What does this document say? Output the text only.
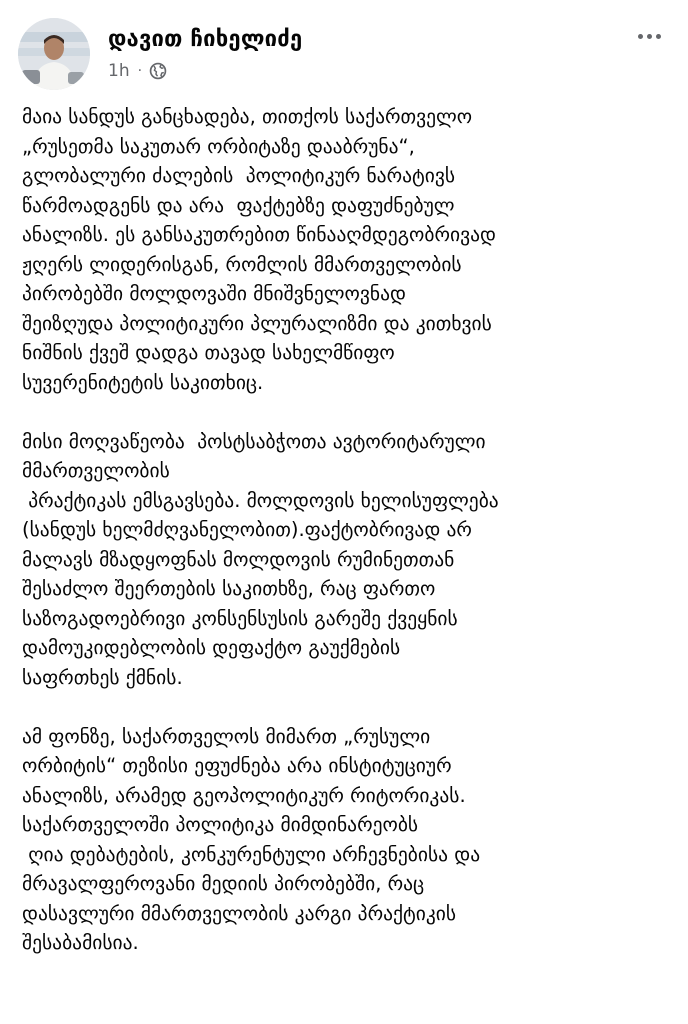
დავით ჩიხელიძე
1h ·
მაია სანდუს განცხადება, თითქოს საქართველო
„რუსეთმა საკუთარ ორბიტაზე დააბრუნა“,
გლობალური ძალების  პოლიტიკურ ნარატივს
წარმოადგენს და არა  ფაქტებზე დაფუძნებულ
ანალიზს. ეს განსაკუთრებით წინააღმდეგობრივად
ჟღერს ლიდერისგან, რომლის მმართველობის
პირობებში მოლდოვაში მნიშვნელოვნად
შეიზღუდა პოლიტიკური პლურალიზმი და კითხვის
ნიშნის ქვეშ დადგა თავად სახელმწიფო
სუვერენიტეტის საკითხიც.
მისი მოღვაწეობა  პოსტსაბჭოთა ავტორიტარული
მმართველობის
პრაქტიკას ემსგავსება. მოლდოვის ხელისუფლება
(სანდუს ხელმძღვანელობით).ფაქტობრივად არ
მალავს მზადყოფნას მოლდოვის რუმინეთთან
შესაძლო შეერთების საკითხზე, რაც ფართო
საზოგადოებრივი კონსენსუსის გარეშე ქვეყნის
დამოუკიდებლობის დეფაქტო გაუქმების
საფრთხეს ქმნის.
ამ ფონზე, საქართველოს მიმართ „რუსული
ორბიტის“ თეზისი ეფუძნება არა ინსტიტუციურ
ანალიზს, არამედ გეოპოლიტიკურ რიტორიკას.
საქართველოში პოლიტიკა მიმდინარეობს
ღია დებატების, კონკურენტული არჩევნებისა და
მრავალფეროვანი მედიის პირობებში, რაც
დასავლური მმართველობის კარგი პრაქტიკის
შესაბამისია.
